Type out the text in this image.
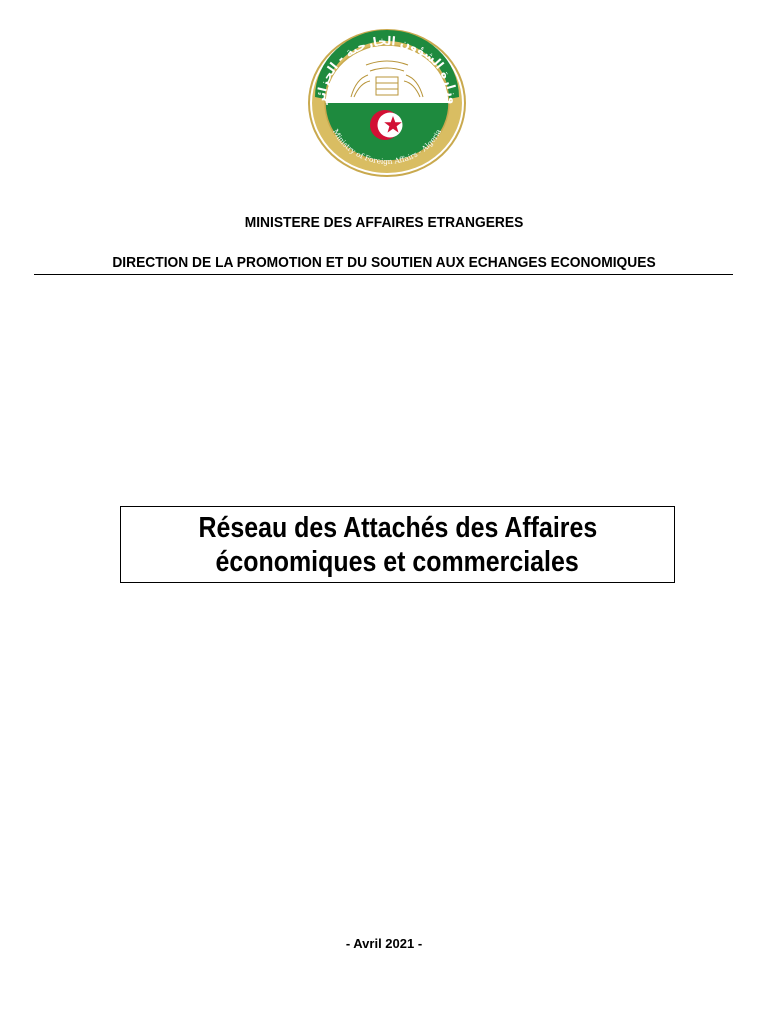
وزارة الشؤون الخارجية - الجزائر
Ministry of Foreign Affairs - Algeria
MINISTERE DES AFFAIRES ETRANGERES
DIRECTION DE LA PROMOTION ET DU SOUTIEN AUX ECHANGES ECONOMIQUES
Réseau des Attachés des Affaires
économiques et commerciales
- Avril 2021 -
